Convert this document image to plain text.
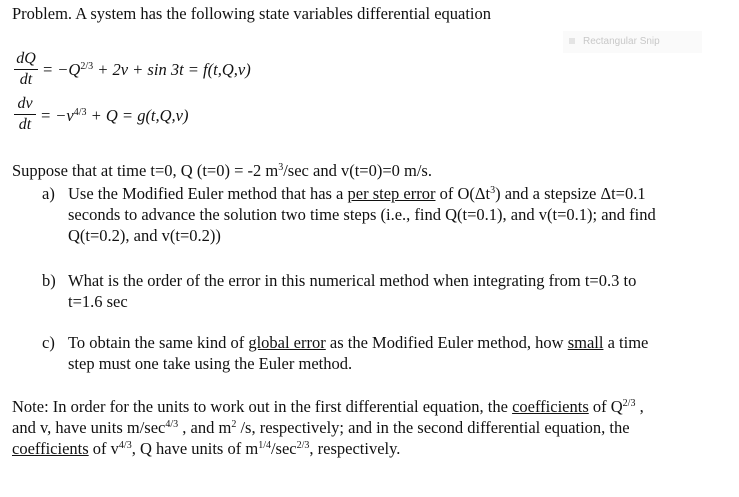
Problem. A system has the following state variables differential equation
Rectangular Snip
dQ
dt
= $-Q^{2/3} + 2v + \sin 3t = f(t,Q,v)$
dv
dt = $-v^{4/3} + Q = g(t,Q,v)$
Suppose that at time t=0, Q (t=0) = -2 $m^3/\sec$ and v(t=0)=0 m/s.
a) Use the Modified Euler method that has a per step error of $O(\Delta t^3)$ and a stepsize Δt=0.1
seconds to advance the solution two time steps (i.e., find Q(t=0.1), and v(t=0.1); and find
Q(t=0.2), and v(t=0.2))
b) What is the order of the error in this numerical method when integrating from t=0.3 to
t=1.6 sec
c) To obtain the same kind of global error as the Modified Euler method, how small a time
step must one take using the Euler method.
Note: In order for the units to work out in the first differential equation, the coefficients of $Q^{2/3}$ ,
and v, have units $m/\sec^{4/3}$ , and $m^2$ /s, respectively; and in the second differential equation, the
coefficients of $v^{4/3}$, Q have units of $m^{1/4}/\sec^{2/3}$, respectively.
